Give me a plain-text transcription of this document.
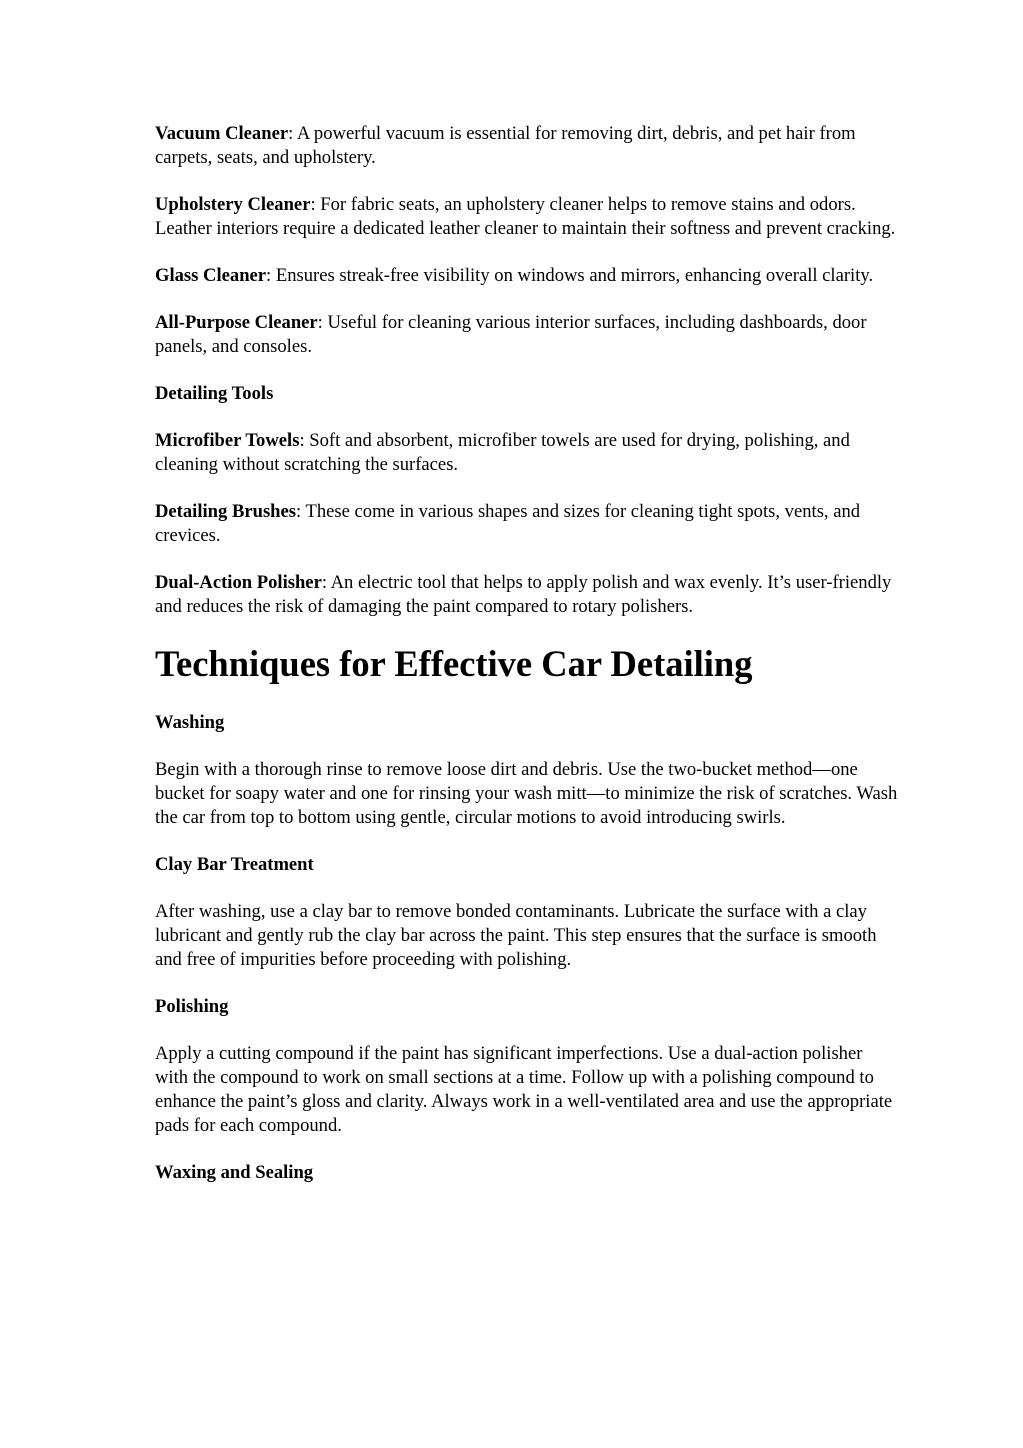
Vacuum Cleaner: A powerful vacuum is essential for removing dirt, debris, and pet hair from carpets, seats, and upholstery.

Upholstery Cleaner: For fabric seats, an upholstery cleaner helps to remove stains and odors. Leather interiors require a dedicated leather cleaner to maintain their softness and prevent cracking.

Glass Cleaner: Ensures streak-free visibility on windows and mirrors, enhancing overall clarity.

All-Purpose Cleaner: Useful for cleaning various interior surfaces, including dashboards, door panels, and consoles.

Detailing Tools

Microfiber Towels: Soft and absorbent, microfiber towels are used for drying, polishing, and cleaning without scratching the surfaces.

Detailing Brushes: These come in various shapes and sizes for cleaning tight spots, vents, and crevices.

Dual-Action Polisher: An electric tool that helps to apply polish and wax evenly. It’s user-friendly and reduces the risk of damaging the paint compared to rotary polishers.

Techniques for Effective Car Detailing

Washing

Begin with a thorough rinse to remove loose dirt and debris. Use the two-bucket method—one bucket for soapy water and one for rinsing your wash mitt—to minimize the risk of scratches. Wash the car from top to bottom using gentle, circular motions to avoid introducing swirls.

Clay Bar Treatment

After washing, use a clay bar to remove bonded contaminants. Lubricate the surface with a clay lubricant and gently rub the clay bar across the paint. This step ensures that the surface is smooth and free of impurities before proceeding with polishing.

Polishing

Apply a cutting compound if the paint has significant imperfections. Use a dual-action polisher with the compound to work on small sections at a time. Follow up with a polishing compound to enhance the paint’s gloss and clarity. Always work in a well-ventilated area and use the appropriate pads for each compound.

Waxing and Sealing
